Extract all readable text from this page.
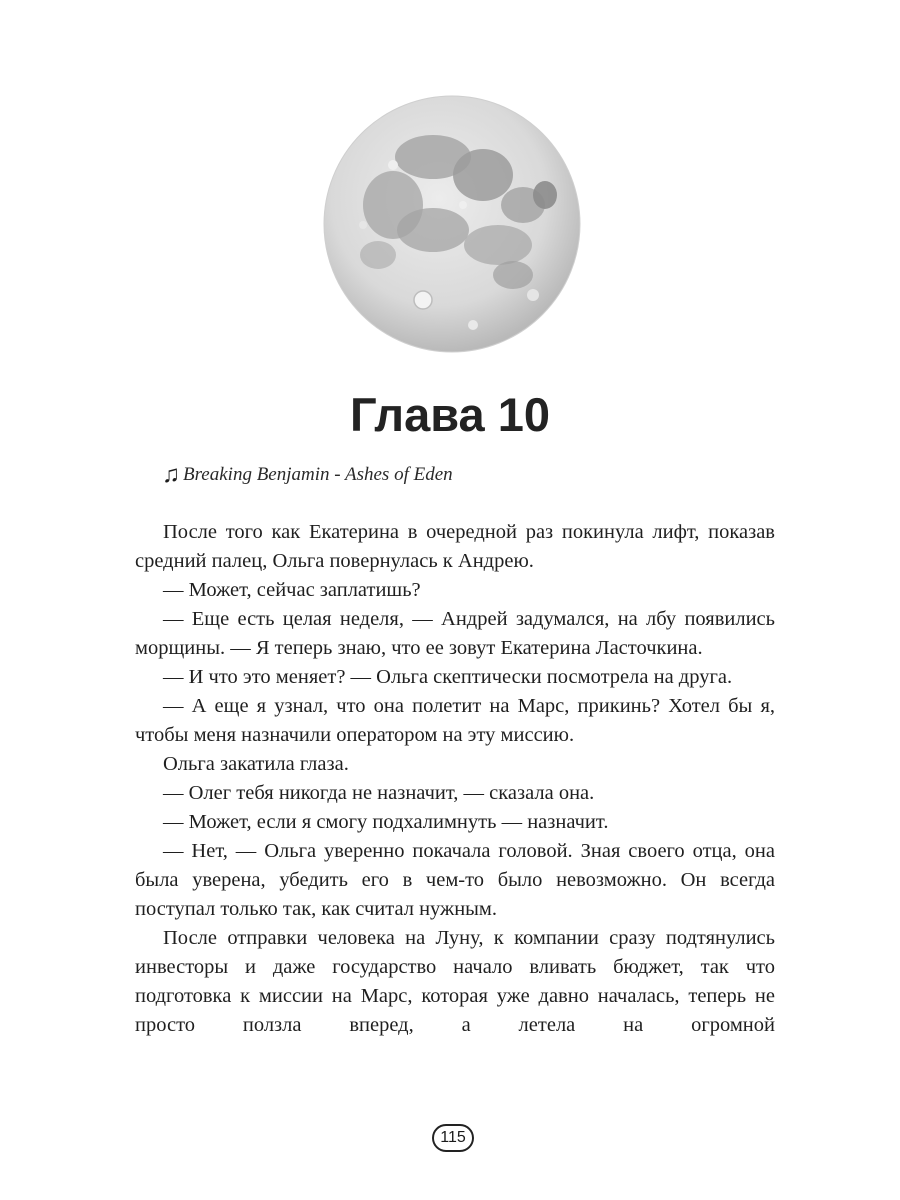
Глава 10
♫ Breaking Benjamin - Ashes of Eden

После того как Екатерина в очередной раз покинула лифт, показав средний палец, Ольга повернулась к Андрею.

— Может, сейчас заплатишь?

— Еще есть целая неделя, — Андрей задумался, на лбу появились морщины. — Я теперь знаю, что ее зовут Екатерина Ласточкина.

— И что это меняет? — Ольга скептически посмотрела на друга.

— А еще я узнал, что она полетит на Марс, прикинь? Хотел бы я, чтобы меня назначили оператором на эту миссию.

Ольга закатила глаза.

— Олег тебя никогда не назначит, — сказала она.

— Может, если я смогу подхалимнуть — назначит.

— Нет, — Ольга уверенно покачала головой. Зная своего отца, она была уверена, убедить его в чем-то было невозможно. Он всегда поступал только так, как считал нужным.

После отправки человека на Луну, к компании сразу подтянулись инвесторы и даже государство начало вливать бюджет, так что подготовка к миссии на Марс, которая уже давно началась, теперь не просто ползла вперед, а летела на огромной

115
